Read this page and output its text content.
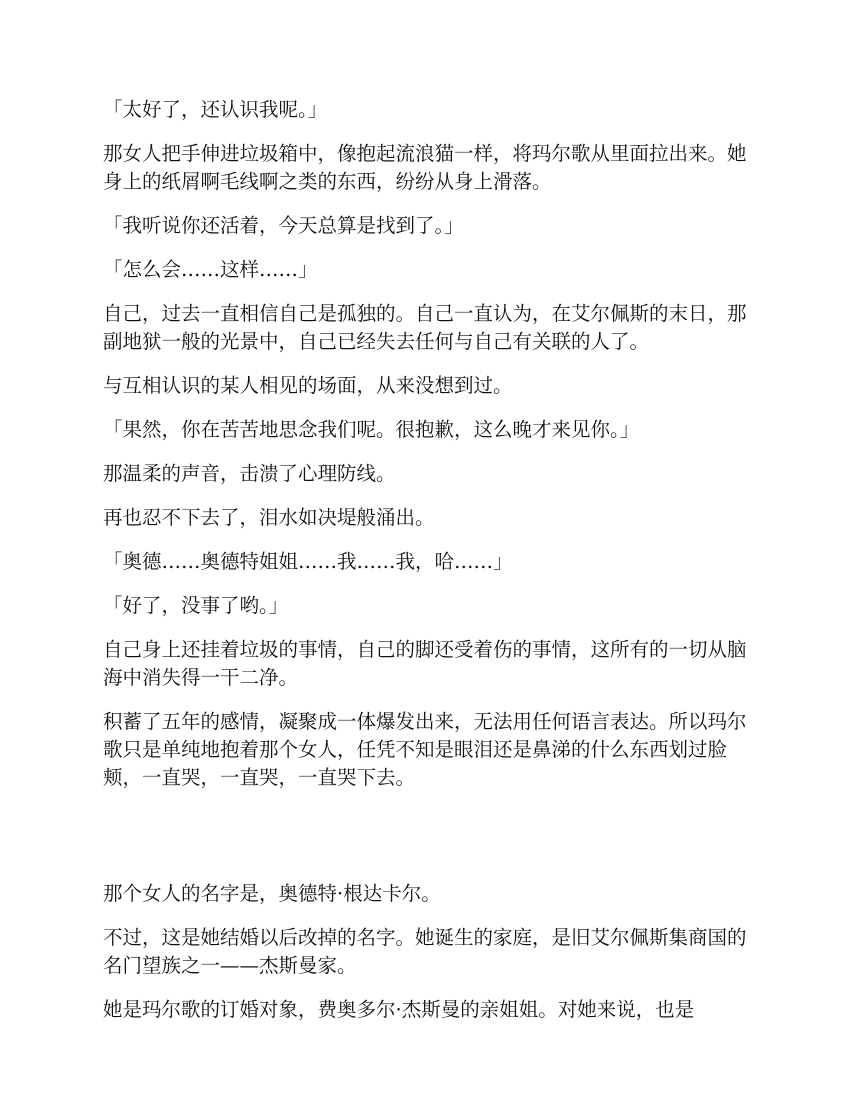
「太好了，还认识我呢。」

那女人把手伸进垃圾箱中，像抱起流浪猫一样，将玛尔歌从里面拉出来。她身上的纸屑啊毛线啊之类的东西，纷纷从身上滑落。

「我听说你还活着，今天总算是找到了。」

「怎么会……这样……」

自己，过去一直相信自己是孤独的。自己一直认为，在艾尔佩斯的末日，那副地狱一般的光景中，自己已经失去任何与自己有关联的人了。

与互相认识的某人相见的场面，从来没想到过。

「果然，你在苦苦地思念我们呢。很抱歉，这么晚才来见你。」

那温柔的声音，击溃了心理防线。

再也忍不下去了，泪水如决堤般涌出。

「奥德……奥德特姐姐……我……我，哈……」

「好了，没事了哟。」

自己身上还挂着垃圾的事情，自己的脚还受着伤的事情，这所有的一切从脑海中消失得一干二净。

积蓄了五年的感情，凝聚成一体爆发出来，无法用任何语言表达。所以玛尔歌只是单纯地抱着那个女人，任凭不知是眼泪还是鼻涕的什么东西划过脸颊，一直哭，一直哭，一直哭下去。

那个女人的名字是，奥德特·根达卡尔。

不过，这是她结婚以后改掉的名字。她诞生的家庭，是旧艾尔佩斯集商国的名门望族之一——杰斯曼家。

她是玛尔歌的订婚对象，费奥多尔·杰斯曼的亲姐姐。对她来说，也是
